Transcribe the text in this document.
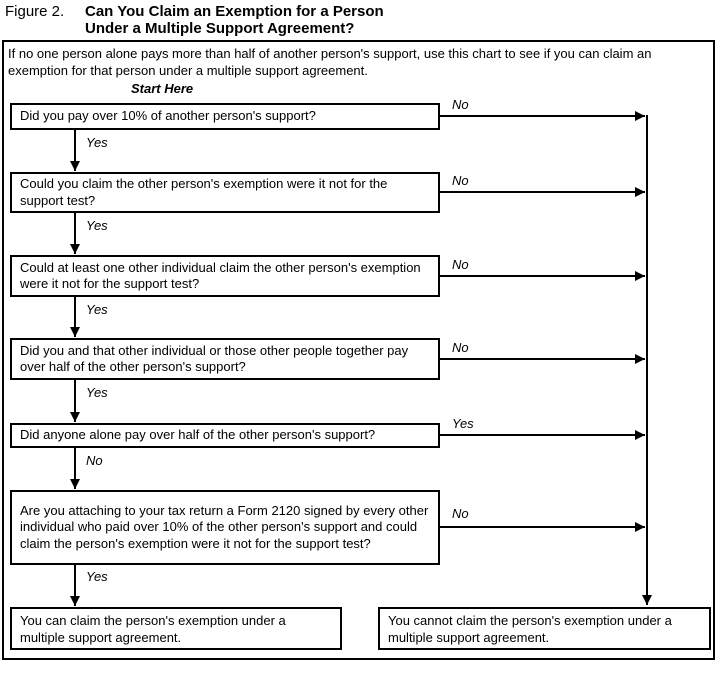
Figure 2. Can You Claim an Exemption for a Person
Under a Multiple Support Agreement?
If no one person alone pays more than half of another person's support, use this chart to see if you can claim an exemption for that person under a multiple support agreement.
Start Here
Did you pay over 10% of another person's support?
Could you claim the other person's exemption were it not for the support test?
Could at least one other individual claim the other person's exemption were it not for the support test?
Did you and that other individual or those other people together pay over half of the other person's support?
Did anyone alone pay over half of the other person's support?
Are you attaching to your tax return a Form 2120 signed by every other individual who paid over 10% of the other person's support and could claim the person's exemption were it not for the support test?
No
No
No
No
Yes
No
Yes
Yes
Yes
Yes
No
Yes
You can claim the person's exemption under a multiple support agreement.
You cannot claim the person's exemption under a multiple support agreement.
